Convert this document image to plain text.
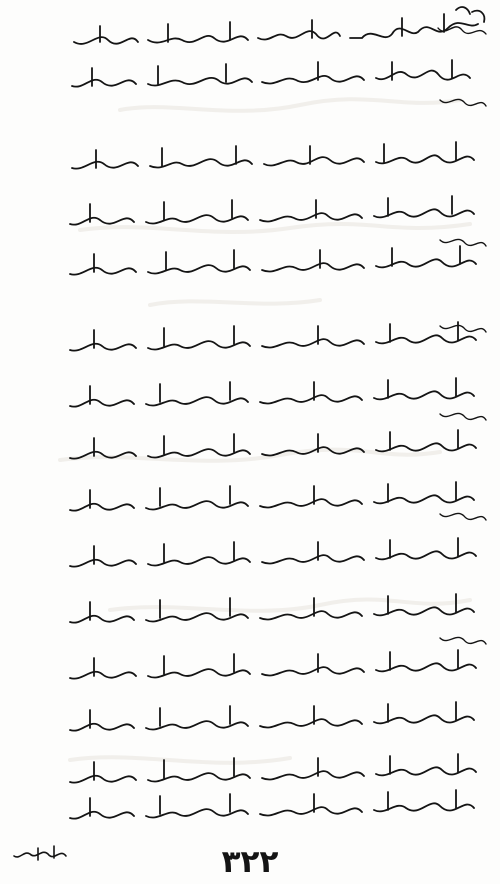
٣٢٢
